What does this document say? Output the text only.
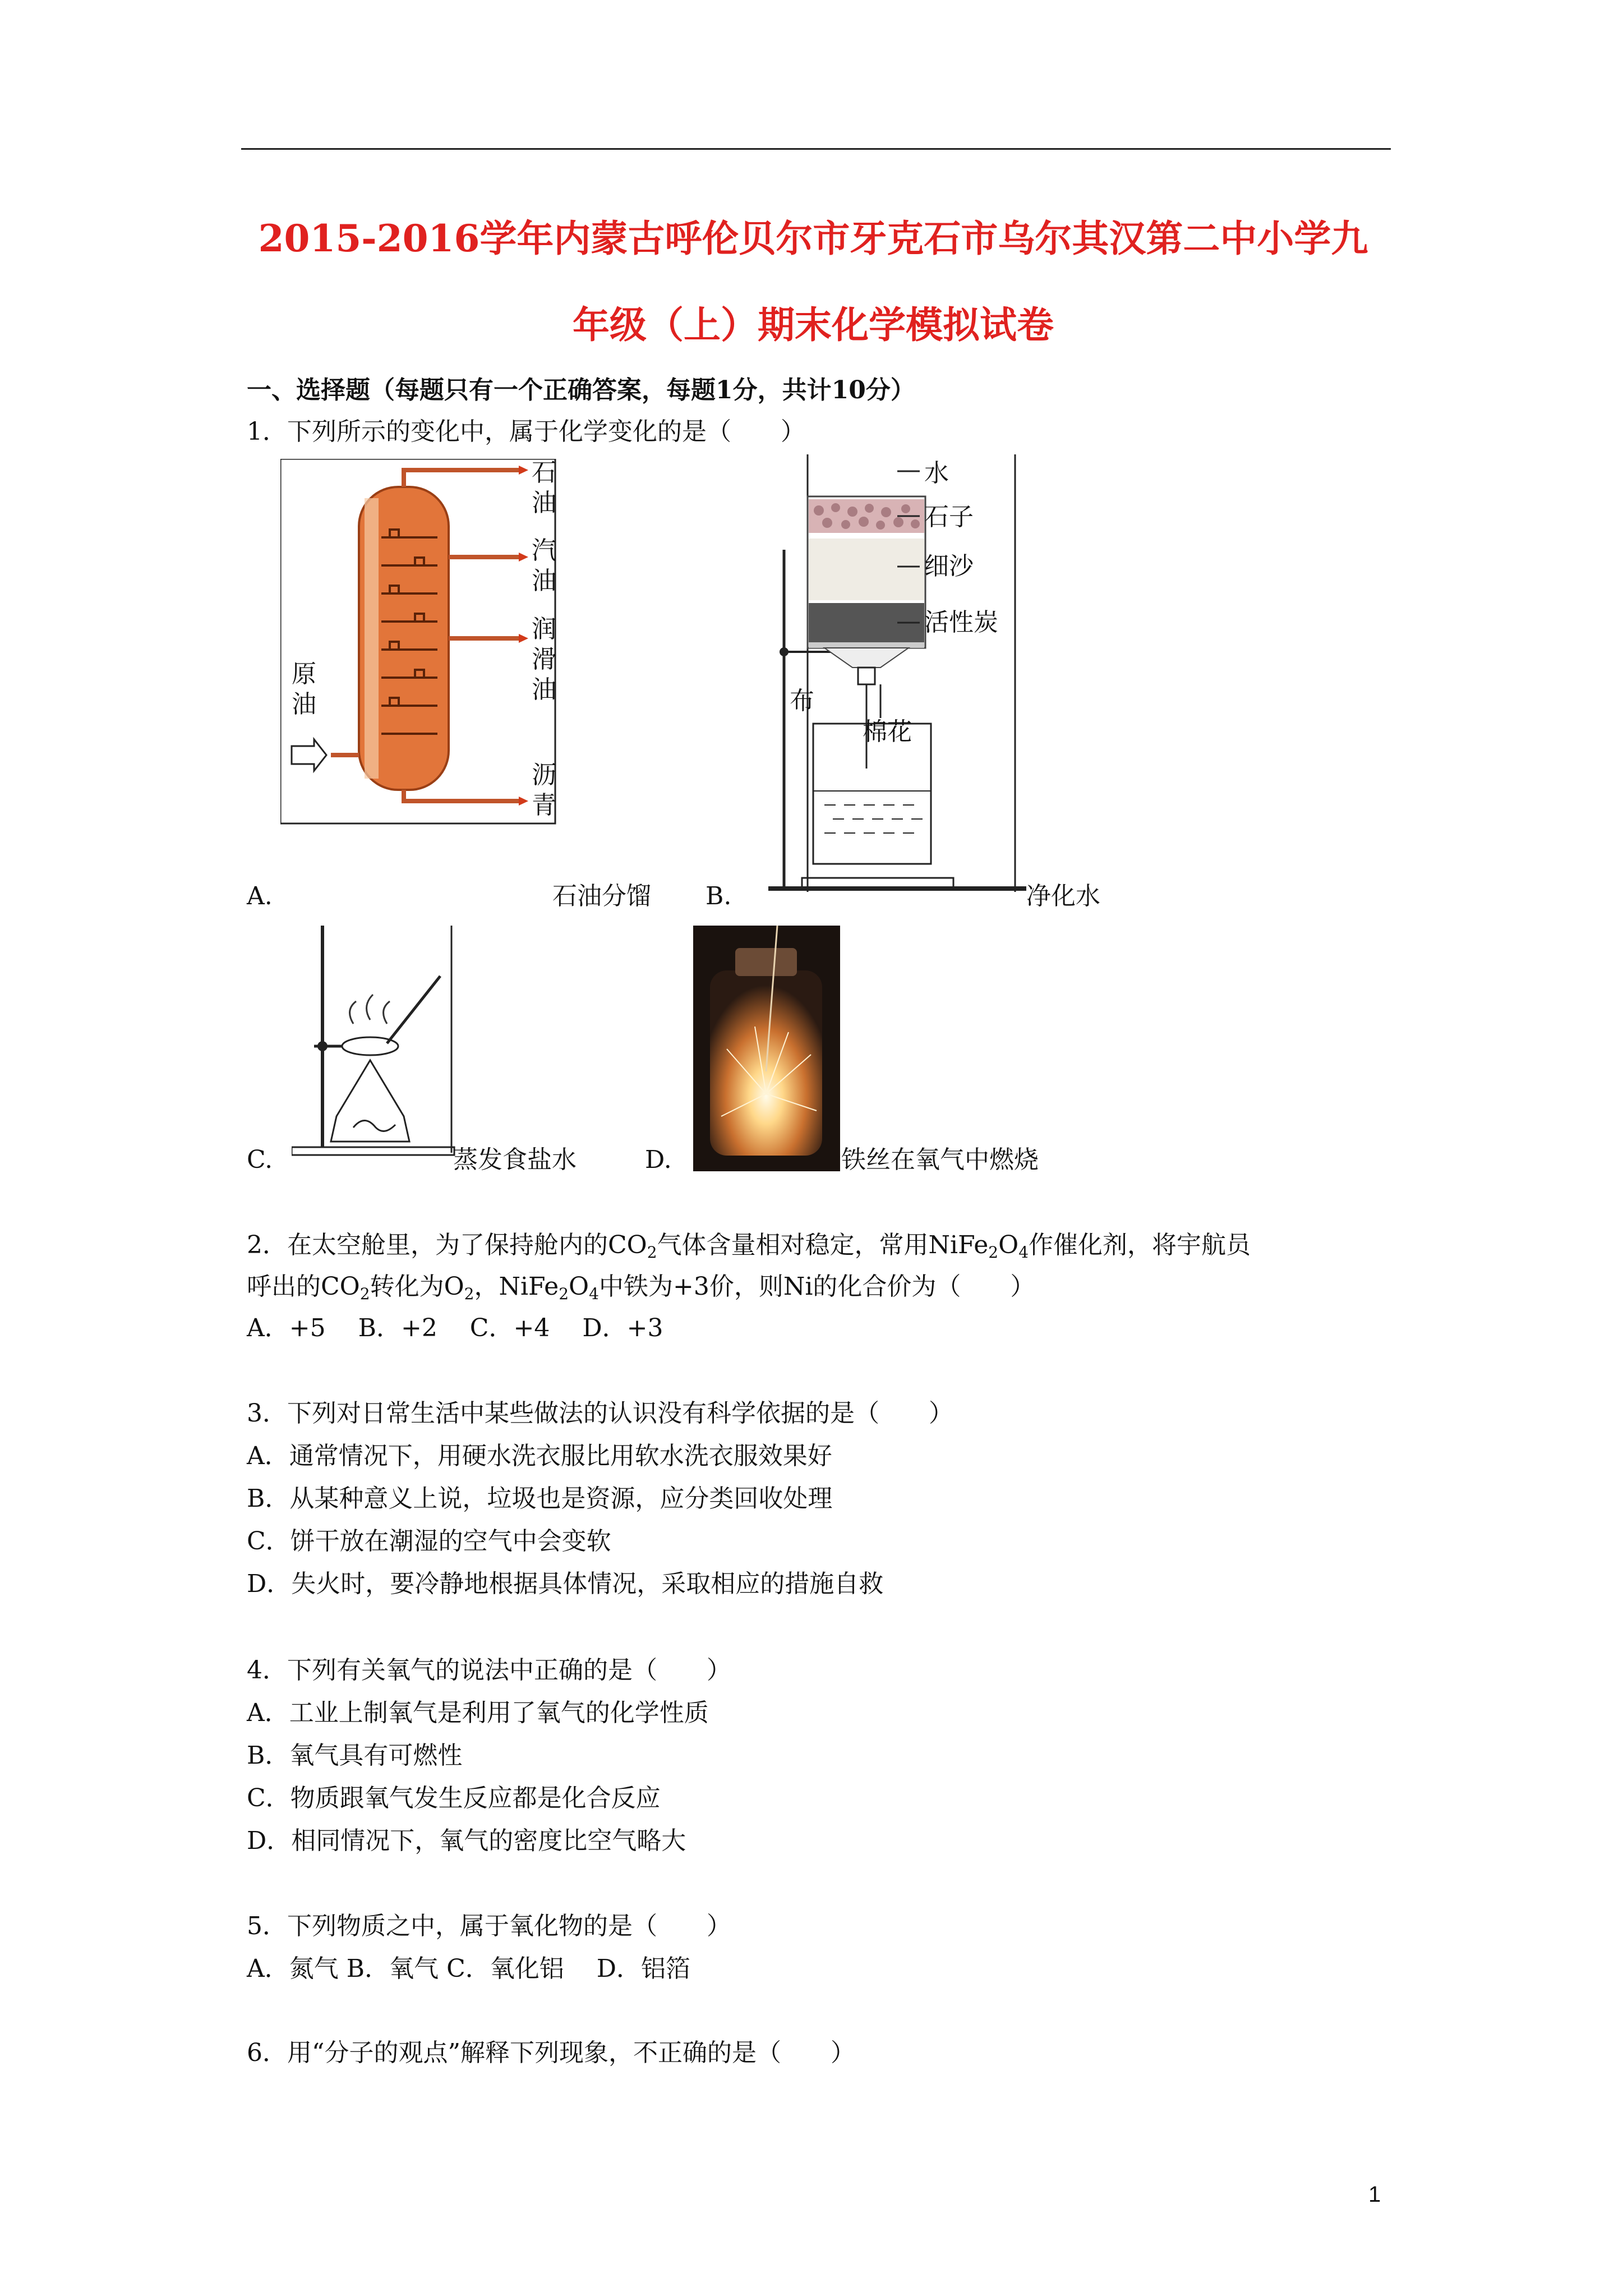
2015-2016学年内蒙古呼伦贝尔市牙克石市乌尔其汉第二中小学九
年级（上）期末化学模拟试卷
一、选择题（每题只有一个正确答案，每题1分，共计10分）
1．下列所示的变化中，属于化学变化的是（　　）
石油
汽油
润滑油
原油
沥青
水
石子
细沙
活性炭
布
棉花
A.	石油分馏 B.	净化水
C.	蒸发食盐水	D.	铁丝在氧气中燃烧
2．在太空舱里，为了保持舱内的$CO_2$气体含量相对稳定，常用$NiFe_2O_4$作催化剂，将宇航员
呼出的$CO_2$转化为$O_2$，$NiFe_2O_4$中铁为+3价，则Ni的化合价为（　　）
A．+5　 B．+2　 C．+4　 D．+3
3．下列对日常生活中某些做法的认识没有科学依据的是（　　）
A．通常情况下，用硬水洗衣服比用软水洗衣服效果好
B．从某种意义上说，垃圾也是资源，应分类回收处理
C．饼干放在潮湿的空气中会变软
D．失火时，要冷静地根据具体情况，采取相应的措施自救
4．下列有关氧气的说法中正确的是（　　）
A．工业上制氧气是利用了氧气的化学性质
B．氧气具有可燃性
C．物质跟氧气发生反应都是化合反应
D．相同情况下，氧气的密度比空气略大
5．下列物质之中，属于氧化物的是（　　）
A．氮气 B．氧气 C．氧化铝　 D．铝箔
6．用“分子的观点”解释下列现象，不正确的是（　　）
1
